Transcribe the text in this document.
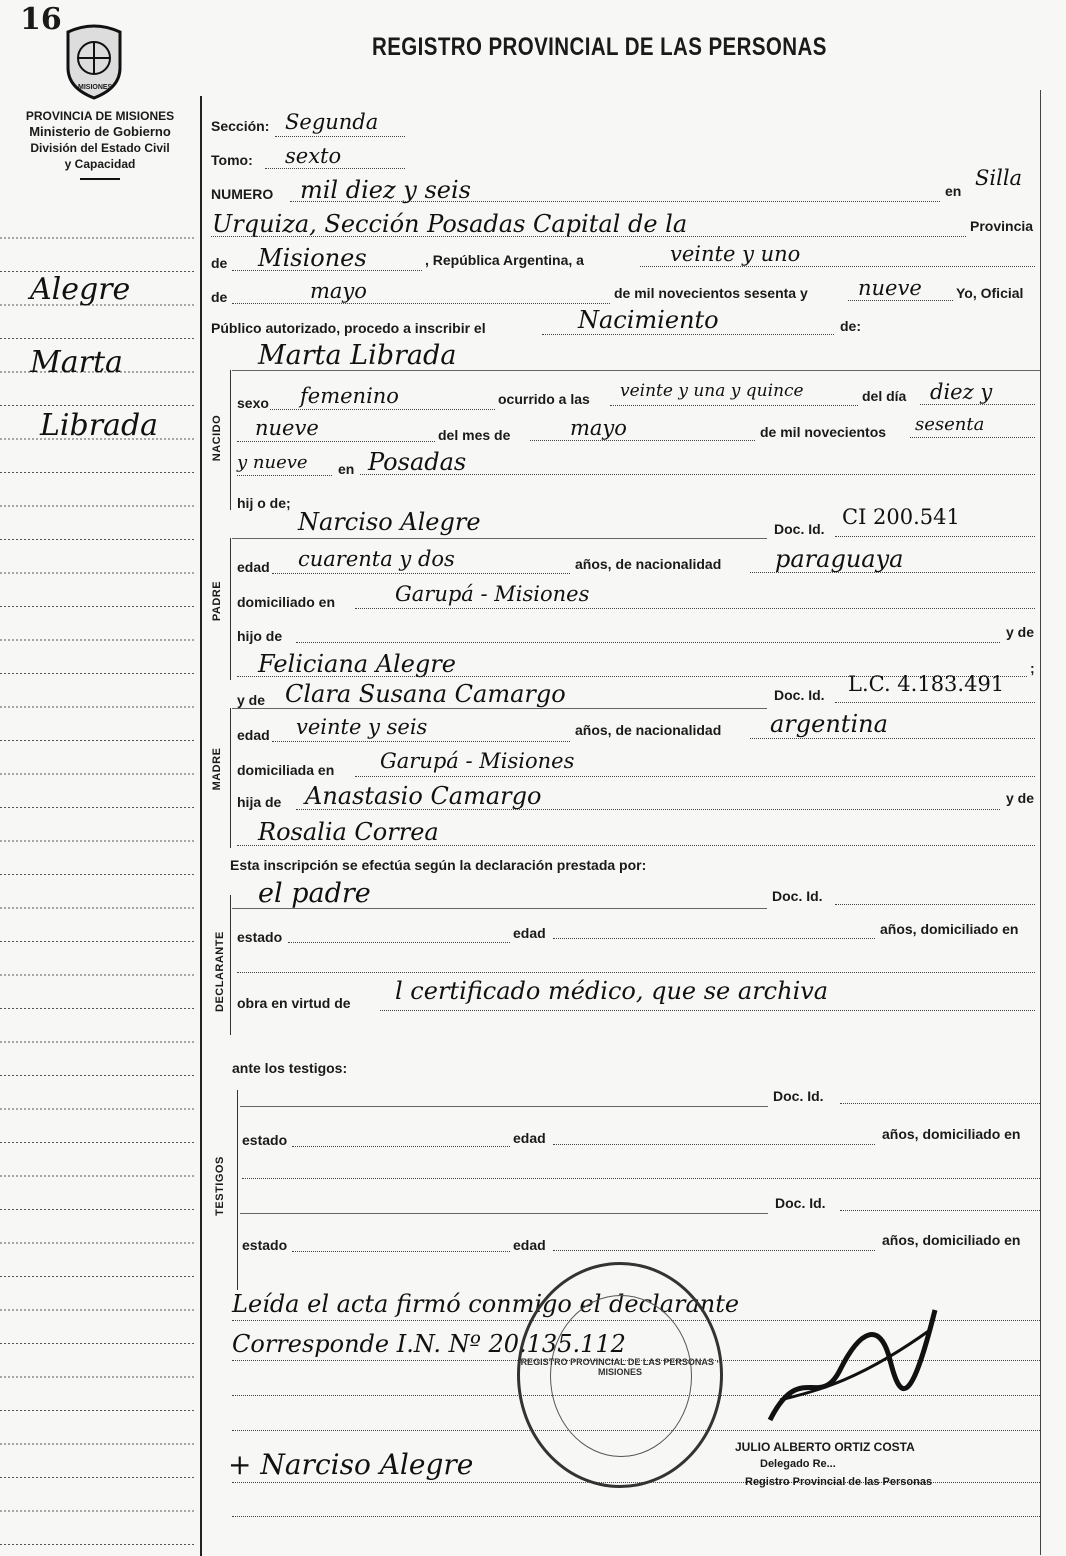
16
MISIONES
REGISTRO PROVINCIAL DE LAS PERSONAS
PROVINCIA DE MISIONES
Ministerio de Gobierno
División del Estado Civil
y Capacidad
Alegre
Marta
Librada
Sección: Segunda
Tomo: sexto
NUMERO mil diez y seis	en
Silla
Urquiza, Sección Posadas Capital de la	Provincia
de Misiones	, República Argentina, a	veinte y uno
de	mayo	de mil novecientos sesenta y nueve Yo, Oficial
Público autorizado, procedo a inscribir el	Nacimiento	de:
Marta Librada
NACIDO
sexo femenino	ocurrido a las veinte y una y quince	del día diez y
nueve	del mes de	mayo	de mil novecientos sesenta
y nueve en Posadas
hij o de;
Narciso Alegre	Doc. Id. CI 200.541
PADRE
edad cuarenta y dos	años, de nacionalidad paraguaya
domiciliado en	Garupá - Misiones
hijo de	y de
Feliciana Alegre	;
y de Clara Susana Camargo	Doc. Id. L.C. 4.183.491
MADRE
edad veinte y seis	años, de nacionalidad argentina
domiciliada en Garupá - Misiones
hija de Anastasio Camargo	y de
Rosalia Correa
Esta inscripción se efectúa según la declaración prestada por:
el padre	Doc. Id.
DECLARANTE estado	edad	años, domiciliado en
obra en virtud de l certificado médico, que se archiva
ante los testigos:
Doc. Id.
TESTIGOS
estado	edad	años, domiciliado en
Doc. Id.
estado	edad	años, domiciliado en
Leída el acta firmó conmigo el declarante
Corresponde I.N. Nº 20.135.112
+ Narciso Alegre
REGISTRO PROVINCIAL DE LAS PERSONAS · MISIONES
JULIO ALBERTO ORTIZ COSTA
Delegado Re...
Registro Provincial de las Personas
